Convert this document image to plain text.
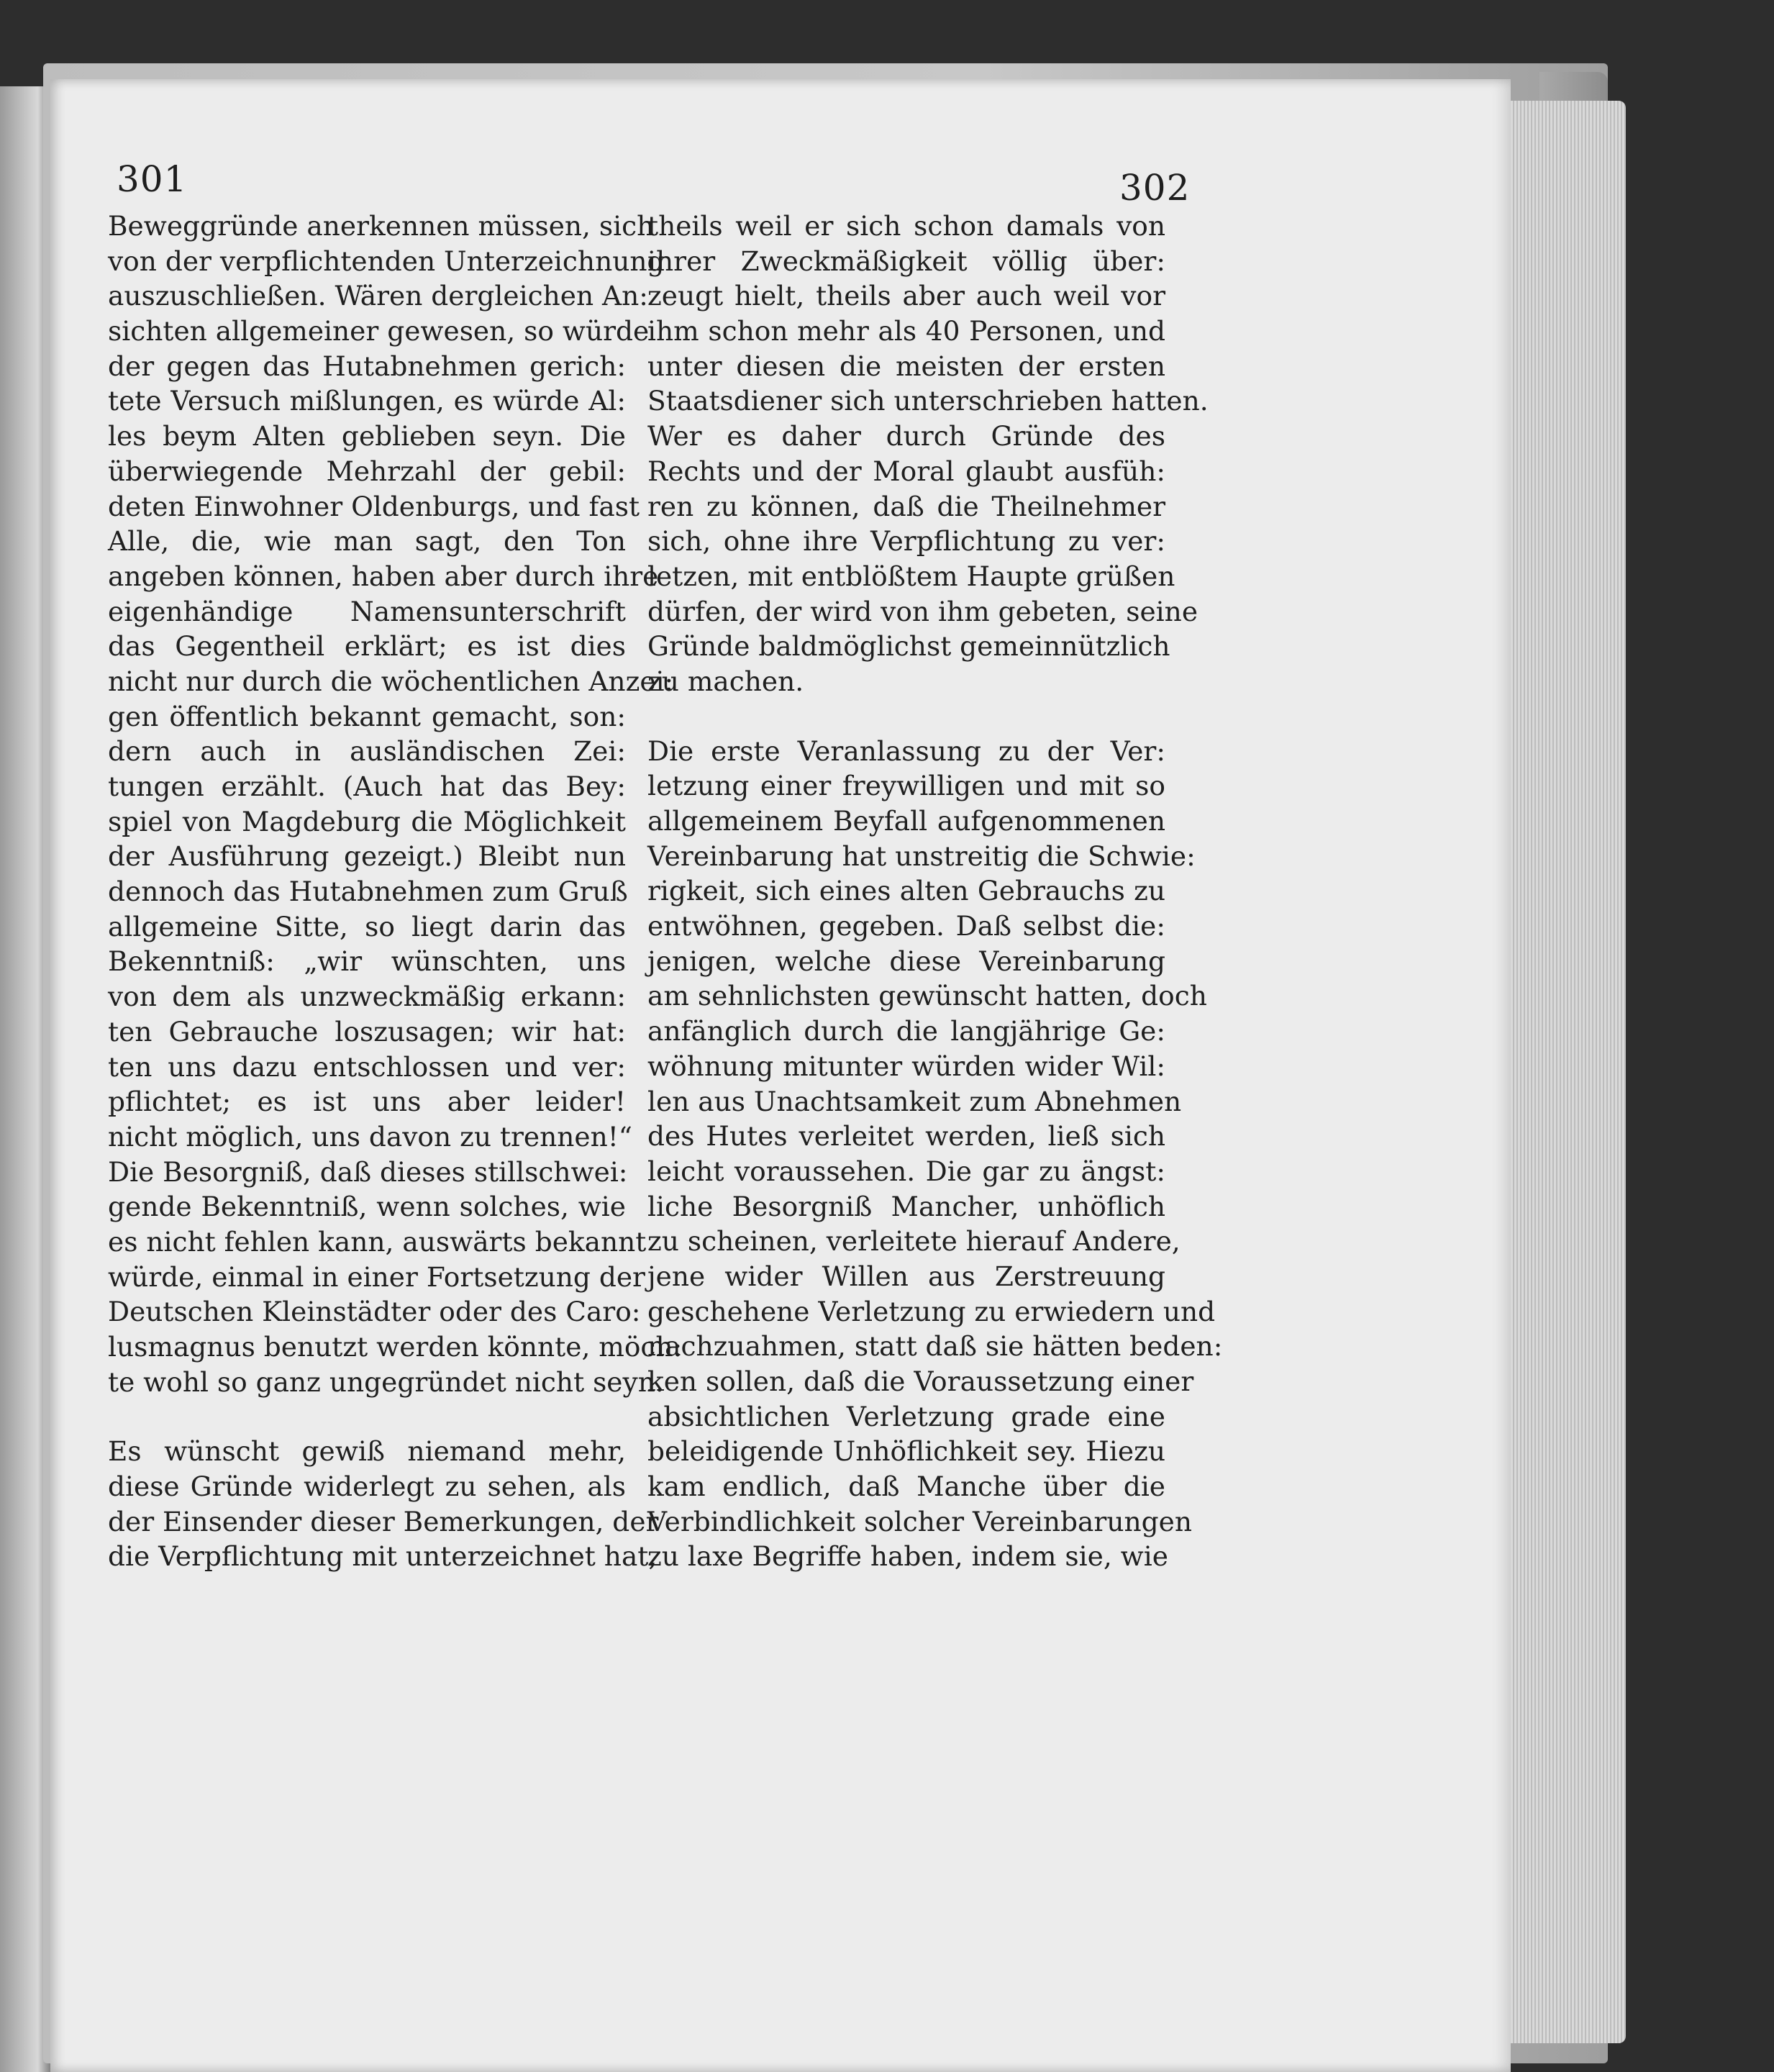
301	302
Beweggründe anerkennen müssen, sich
von der verpflichtenden Unterzeichnung
auszuschließen. Wären dergleichen An:
sichten allgemeiner gewesen, so würde
der gegen das Hutabnehmen gerich:
tete Versuch mißlungen, es würde Al:
les beym Alten geblieben seyn. Die
überwiegende Mehrzahl der gebil:
deten Einwohner Oldenburgs, und fast
Alle, die, wie man sagt, den Ton
angeben können, haben aber durch ihre
eigenhändige Namensunterschrift
das Gegentheil erklärt; es ist dies
nicht nur durch die wöchentlichen Anzei:
gen öffentlich bekannt gemacht, son:
dern auch in ausländischen Zei:
tungen erzählt. (Auch hat das Bey:
spiel von Magdeburg die Möglichkeit
der Ausführung gezeigt.) Bleibt nun
dennoch das Hutabnehmen zum Gruß
allgemeine Sitte, so liegt darin das
Bekenntniß: „wir wünschten, uns
von dem als unzweckmäßig erkann:
ten Gebrauche loszusagen; wir hat:
ten uns dazu entschlossen und ver:
pflichtet; es ist uns aber leider!
nicht möglich, uns davon zu trennen!“
Die Besorgniß, daß dieses stillschwei:
gende Bekenntniß, wenn solches, wie
es nicht fehlen kann, auswärts bekannt
würde, einmal in einer Fortsetzung der
Deutschen Kleinstädter oder des Caro:
lusmagnus benutzt werden könnte, möch:
te wohl so ganz ungegründet nicht seyn.
Es wünscht gewiß niemand mehr,
diese Gründe widerlegt zu sehen, als
der Einsender dieser Bemerkungen, der
die Verpflichtung mit unterzeichnet hat,
theils weil er sich schon damals von
ihrer Zweckmäßigkeit völlig über:
zeugt hielt, theils aber auch weil vor
ihm schon mehr als 40 Personen, und
unter diesen die meisten der ersten
Staatsdiener sich unterschrieben hatten.
Wer es daher durch Gründe des
Rechts und der Moral glaubt ausfüh:
ren zu können, daß die Theilnehmer
sich, ohne ihre Verpflichtung zu ver:
letzen, mit entblößtem Haupte grüßen
dürfen, der wird von ihm gebeten, seine
Gründe baldmöglichst gemeinnützlich
zu machen.
Die erste Veranlassung zu der Ver:
letzung einer freywilligen und mit so
allgemeinem Beyfall aufgenommenen
Vereinbarung hat unstreitig die Schwie:
rigkeit, sich eines alten Gebrauchs zu
entwöhnen, gegeben. Daß selbst die:
jenigen, welche diese Vereinbarung
am sehnlichsten gewünscht hatten, doch
anfänglich durch die langjährige Ge:
wöhnung mitunter würden wider Wil:
len aus Unachtsamkeit zum Abnehmen
des Hutes verleitet werden, ließ sich
leicht voraussehen. Die gar zu ängst:
liche Besorgniß Mancher, unhöflich
zu scheinen, verleitete hierauf Andere,
jene wider Willen aus Zerstreuung
geschehene Verletzung zu erwiedern und
nachzuahmen, statt daß sie hätten beden:
ken sollen, daß die Voraussetzung einer
absichtlichen Verletzung grade eine
beleidigende Unhöflichkeit sey. Hiezu
kam endlich, daß Manche über die
Verbindlichkeit solcher Vereinbarungen
zu laxe Begriffe haben, indem sie, wie
